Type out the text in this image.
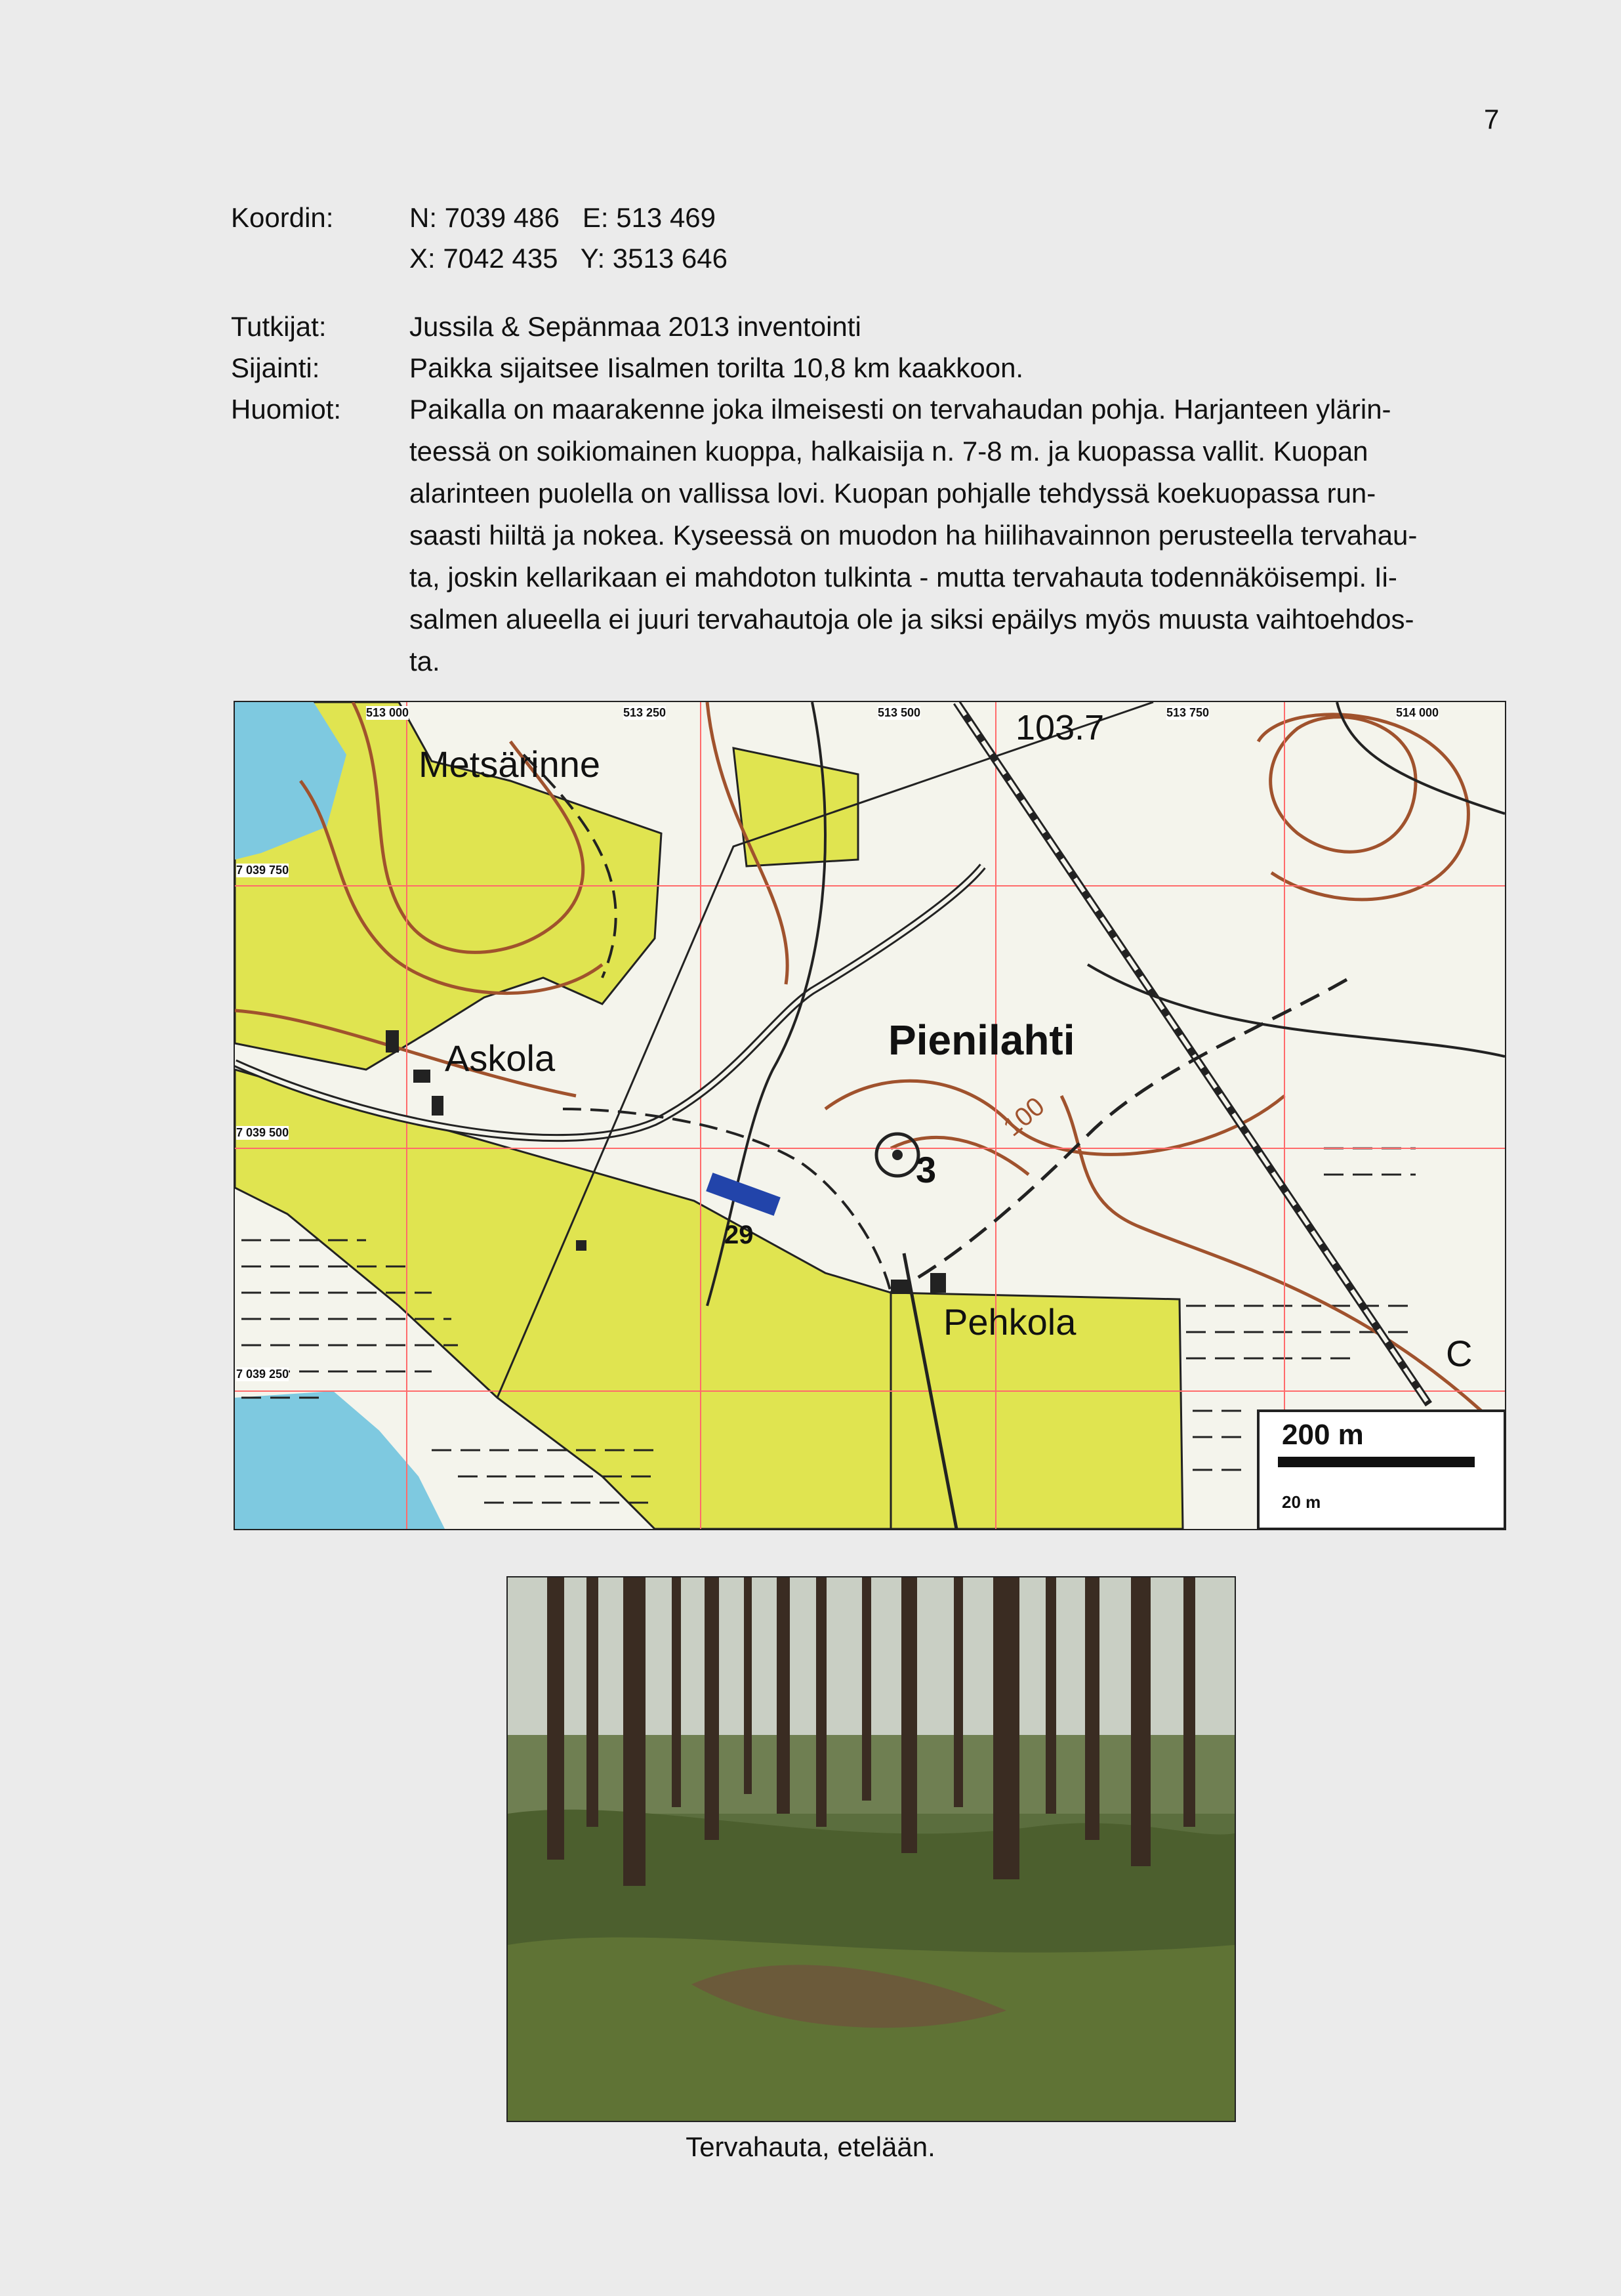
7
Koordin:	N: 7039 486   E: 513 469
X: 7042 435   Y: 3513 646
Tutkijat:	Jussila & Sepänmaa 2013 inventointi
Sijainti:	Paikka sijaitsee Iisalmen torilta 10,8 km kaakkoon.
Huomiot: Paikalla on maarakenne joka ilmeisesti on tervahaudan pohja. Harjanteen ylärin-
teessä on soikiomainen kuoppa, halkaisija n. 7-8 m. ja kuopassa vallit. Kuopan
alarinteen puolella on vallissa lovi. Kuopan pohjalle tehdyssä koekuopassa run-
saasti hiiltä ja nokea. Kyseessä on muodon ha hiilihavainnon perusteella tervahau-
ta, joskin kellarikaan ei mahdoton tulkinta - mutta tervahauta todennäköisempi. Ii-
salmen alueella ei juuri tervahautoja ole ja siksi epäilys myös muusta vaihtoehdos-
ta.
513 000	513 250	513 500	513 750	514 000
7 039 750
7 039 500
7 039 250
Metsärinne
Askola	Pienilahti
Pehkola
103.7
100
3
29
C
200 m
20 m
Tervahauta, etelään.
